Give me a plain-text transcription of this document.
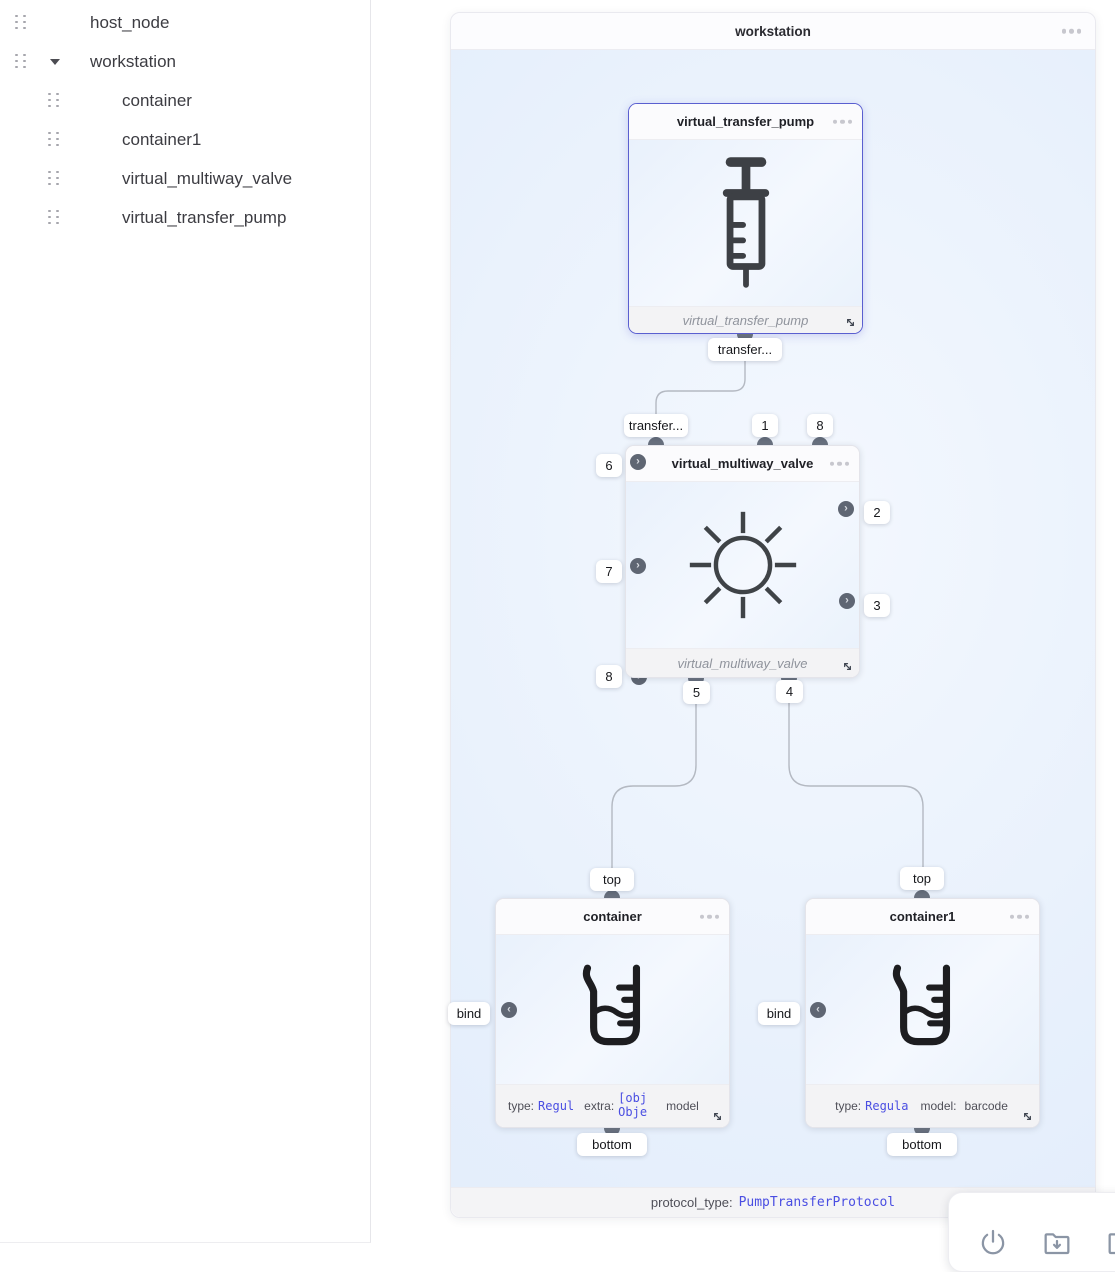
host_node
workstation
container
container1
virtual_multiway_valve
virtual_transfer_pump
workstation
protocol_type: PumpTransferProtocol
virtual_transfer_pump
virtual_transfer_pump
transfer...
virtual_multiway_valve
virtual_multiway_valve
transfer...	1	8
›
›
6
7
8
›
›
2
3
5	4
container
type: Regul extra:
[obj Obje	model
top
‹
bind
bottom
container1
type: Regula model: barcode
top
‹
bind
bottom
